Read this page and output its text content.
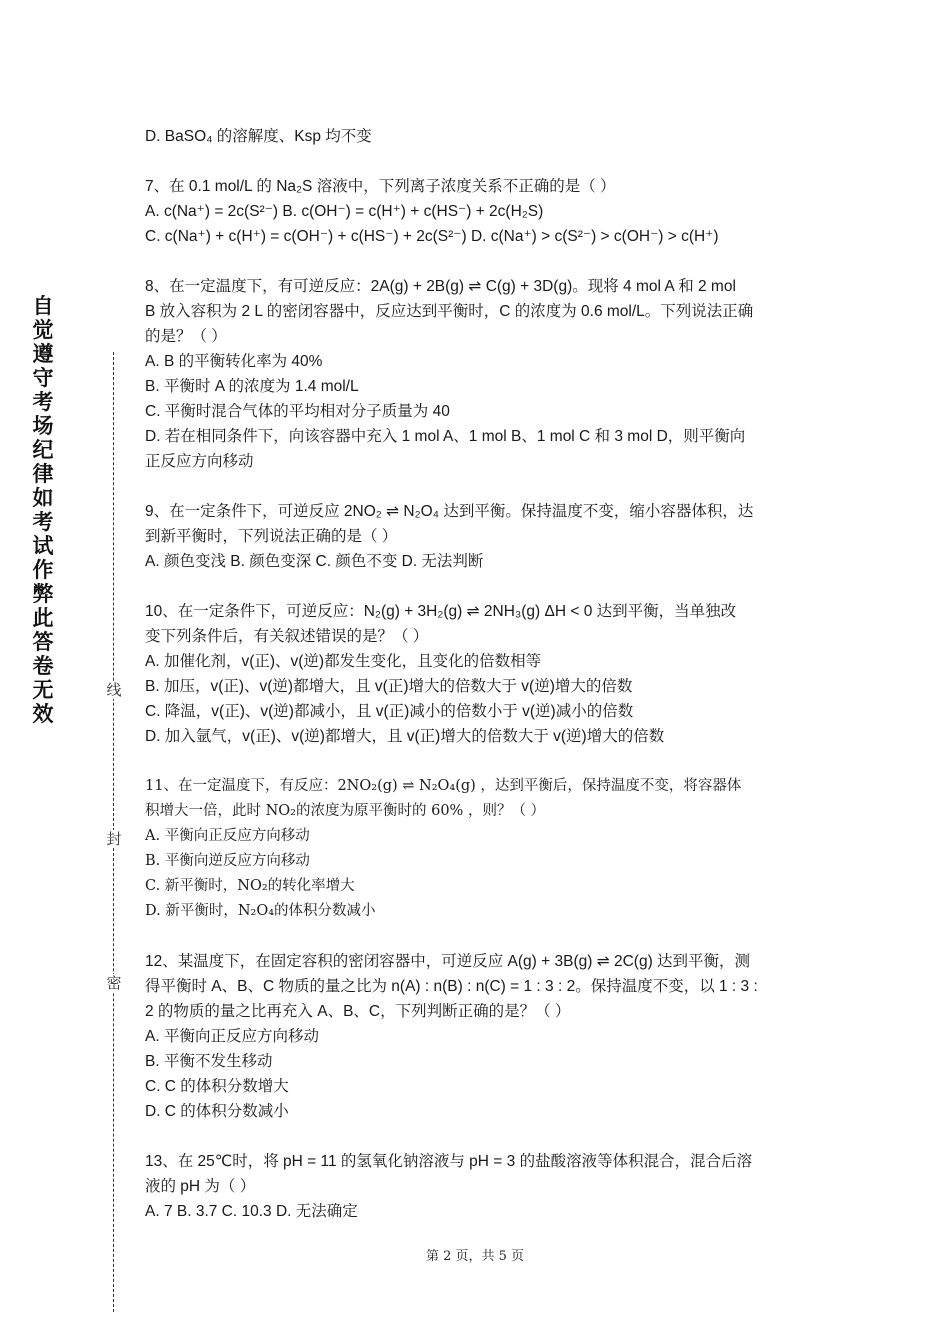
自觉遵守考场纪律如考试作弊此答卷无效
线
封
密

D. BaSO₄ 的溶解度、Ksp 均不变

7、在 0.1 mol/L 的 Na₂S 溶液中，下列离子浓度关系不正确的是（ ）

A. c(Na⁺) = 2c(S²⁻) B. c(OH⁻) = c(H⁺) + c(HS⁻) + 2c(H₂S)

C. c(Na⁺) + c(H⁺) = c(OH⁻) + c(HS⁻) + 2c(S²⁻) D. c(Na⁺) > c(S²⁻) > c(OH⁻) > c(H⁺)

8、在一定温度下，有可逆反应：2A(g) + 2B(g) ⇌ C(g) + 3D(g)。现将 4 mol A 和 2 mol

B 放入容积为 2 L 的密闭容器中，反应达到平衡时，C 的浓度为 0.6 mol/L。下列说法正确

的是？（ ）

A. B 的平衡转化率为 40%

B. 平衡时 A 的浓度为 1.4 mol/L

C. 平衡时混合气体的平均相对分子质量为 40

D. 若在相同条件下，向该容器中充入 1 mol A、1 mol B、1 mol C 和 3 mol D，则平衡向

正反应方向移动

9、在一定条件下，可逆反应 2NO₂ ⇌ N₂O₄ 达到平衡。保持温度不变，缩小容器体积，达

到新平衡时，下列说法正确的是（ ）

A. 颜色变浅 B. 颜色变深 C. 颜色不变 D. 无法判断

10、在一定条件下，可逆反应：N₂(g) + 3H₂(g) ⇌ 2NH₃(g) ΔH < 0 达到平衡，当单独改

变下列条件后，有关叙述错误的是？（ ）

A. 加催化剂，v(正)、v(逆)都发生变化，且变化的倍数相等

B. 加压，v(正)、v(逆)都增大，且 v(正)增大的倍数大于 v(逆)增大的倍数

C. 降温，v(正)、v(逆)都减小，且 v(正)减小的倍数小于 v(逆)减小的倍数

D. 加入氩气，v(正)、v(逆)都增大，且 v(正)增大的倍数大于 v(逆)增大的倍数

11、在一定温度下，有反应：2NO₂(g) ⇌ N₂O₄(g) ，达到平衡后，保持温度不变，将容器体

积增大一倍，此时 NO₂的浓度为原平衡时的 60% ，则？（ ）

A. 平衡向正反应方向移动

B. 平衡向逆反应方向移动

C. 新平衡时，NO₂的转化率增大

D. 新平衡时，N₂O₄的体积分数减小

12、某温度下，在固定容积的密闭容器中，可逆反应 A(g) + 3B(g) ⇌ 2C(g) 达到平衡，测

得平衡时 A、B、C 物质的量之比为 n(A) : n(B) : n(C) = 1 : 3 : 2。保持温度不变，以 1 : 3 :

2 的物质的量之比再充入 A、B、C，下列判断正确的是？（ ）

A. 平衡向正反应方向移动

B. 平衡不发生移动

C. C 的体积分数增大

D. C 的体积分数减小

13、在 25℃时，将 pH = 11 的氢氧化钠溶液与 pH = 3 的盐酸溶液等体积混合，混合后溶

液的 pH 为（ ）

A. 7 B. 3.7 C. 10.3 D. 无法确定

第 2 页，共 5 页
